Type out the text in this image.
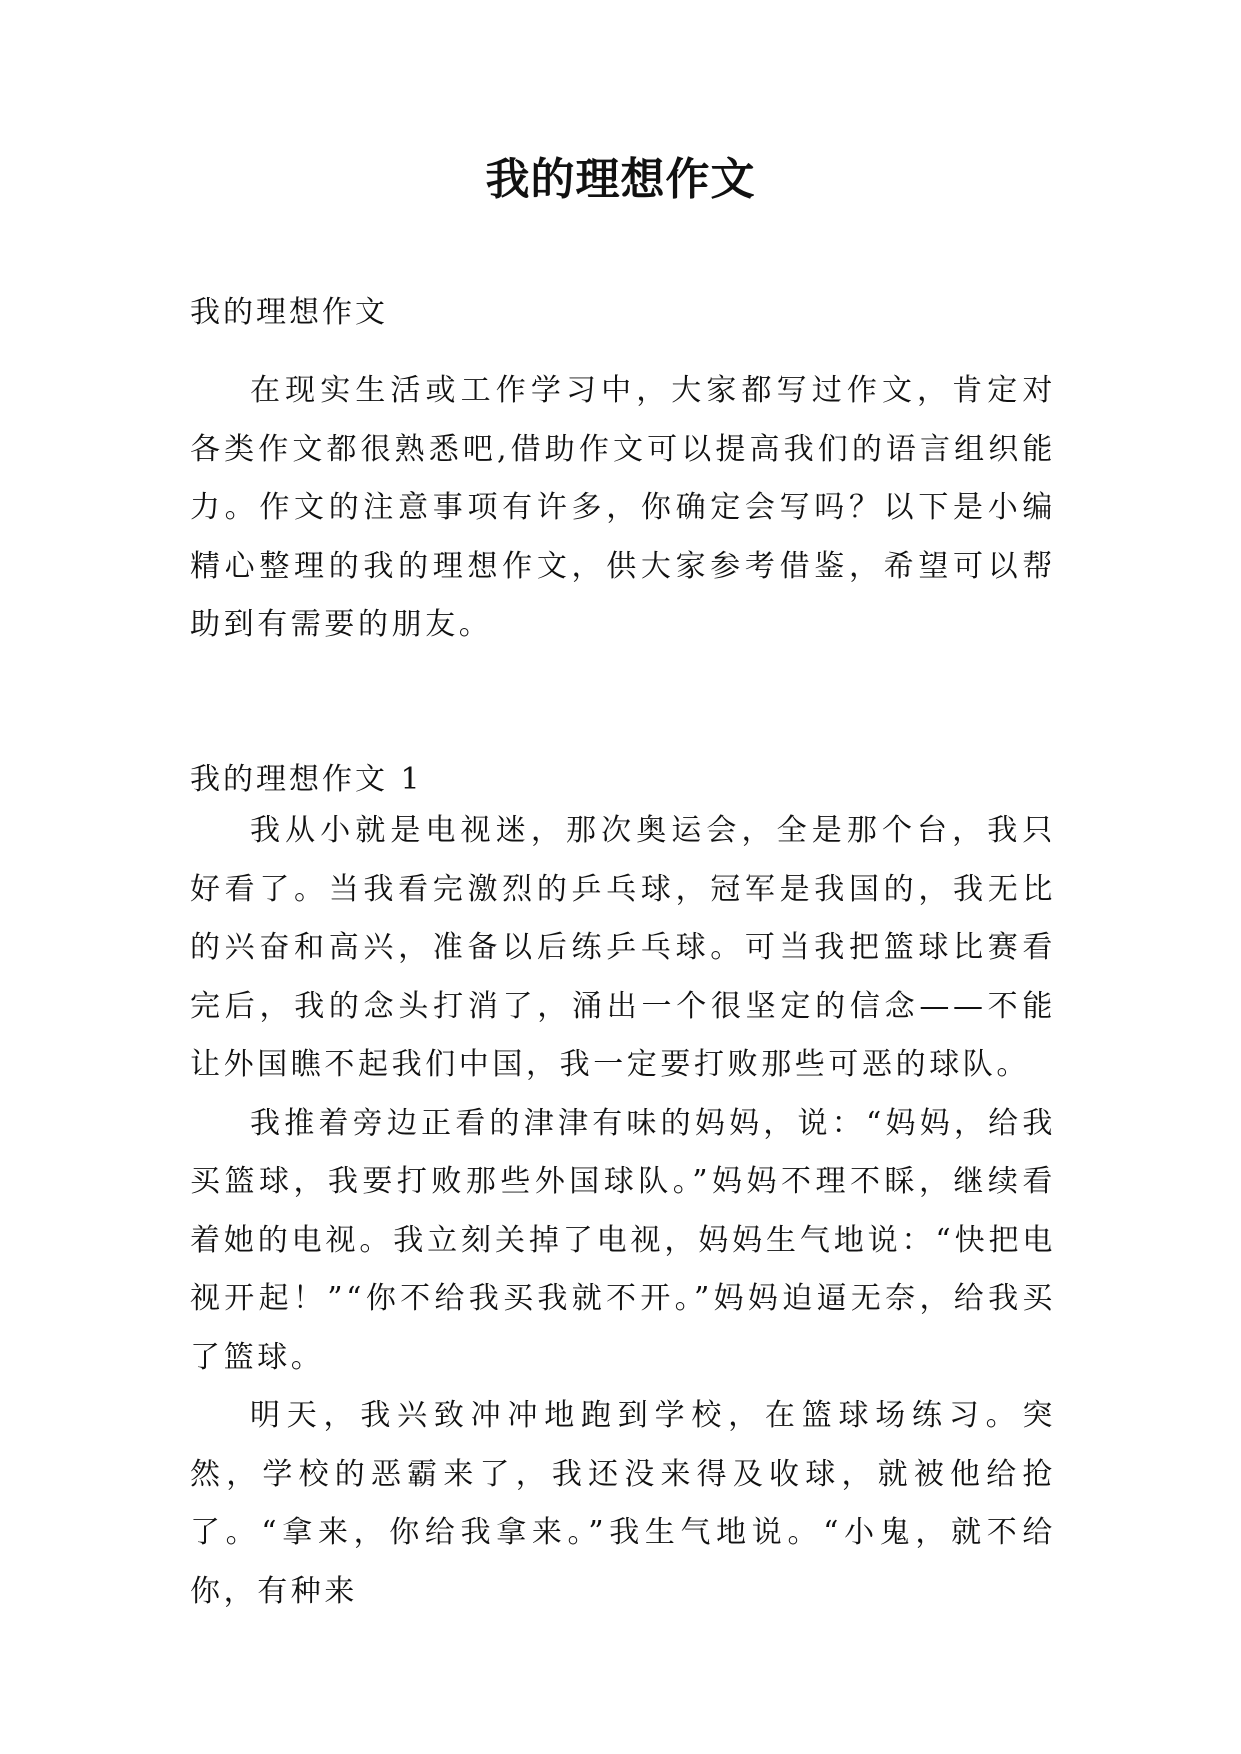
我的理想作文

我的理想作文

在现实生活或工作学习中，大家都写过作文，肯定对各类作文都很熟悉吧,借助作文可以提高我们的语言组织能力。作文的注意事项有许多，你确定会写吗？以下是小编精心整理的我的理想作文，供大家参考借鉴，希望可以帮助到有需要的朋友。

我的理想作文 1

我从小就是电视迷，那次奥运会，全是那个台，我只好看了。当我看完激烈的乒乓球，冠军是我国的，我无比的兴奋和高兴，准备以后练乒乓球。可当我把篮球比赛看完后，我的念头打消了，涌出一个很坚定的信念——不能让外国瞧不起我们中国，我一定要打败那些可恶的球队。

我推着旁边正看的津津有味的妈妈，说：“妈妈，给我买篮球，我要打败那些外国球队。”妈妈不理不睬，继续看着她的电视。我立刻关掉了电视，妈妈生气地说：“快把电视开起！”“你不给我买我就不开。”妈妈迫逼无奈，给我买了篮球。

明天，我兴致冲冲地跑到学校，在篮球场练习。突然，学校的恶霸来了，我还没来得及收球，就被他给抢了。“拿来，你给我拿来。”我生气地说。“小鬼，就不给你，有种来
